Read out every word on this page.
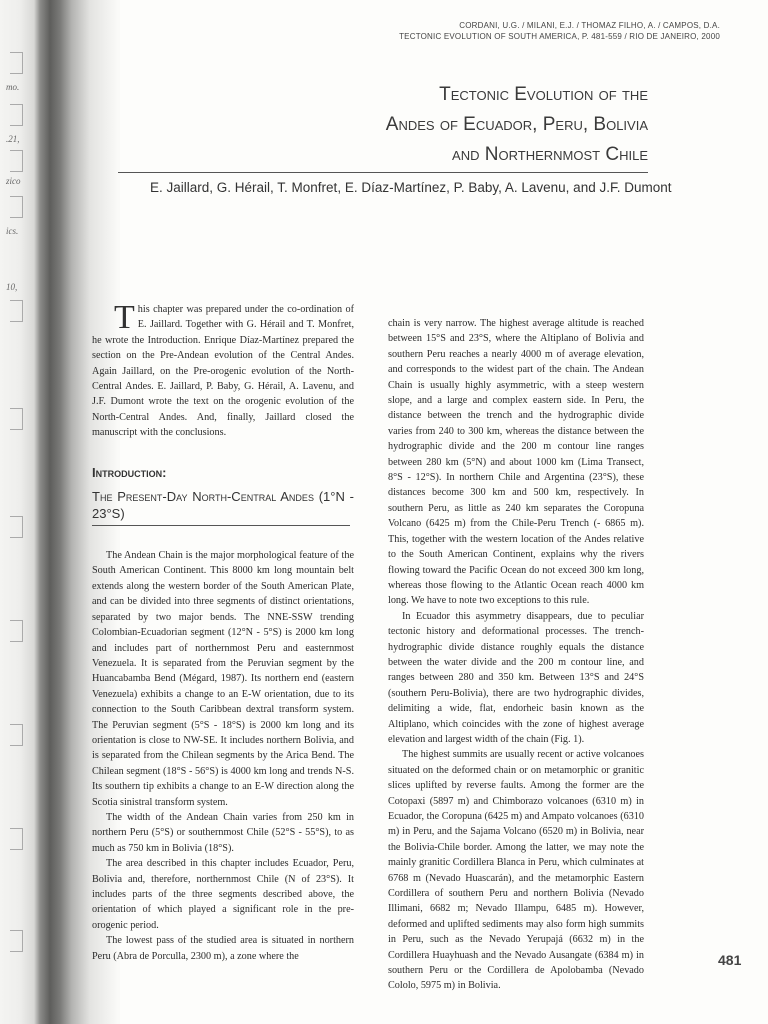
mo.
.21,
zico
ics.
10,
CORDANI, U.G. / MILANI, E.J. / THOMAZ FILHO, A. / CAMPOS, D.A.
TECTONIC EVOLUTION OF SOUTH AMERICA, P. 481-559 / RIO DE JANEIRO, 2000
Tectonic Evolution of the
Andes of Ecuador, Peru, Bolivia
and Northernmost Chile
E. Jaillard, G. Hérail, T. Monfret, E. Díaz-Martínez, P. Baby, A. Lavenu, and J.F. Dumont

This chapter was prepared under the co-ordination of E. Jaillard. Together with G. Hérail and T. Monfret, he wrote the Introduction. Enrique Díaz-Martínez prepared the section on the Pre-Andean evolution of the Central Andes. Again Jaillard, on the Pre-orogenic evolution of the North-Central Andes. E. Jaillard, P. Baby, G. Hérail, A. Lavenu, and J.F. Dumont wrote the text on the orogenic evolution of the North-Central Andes. And, finally, Jaillard closed the manuscript with the conclusions.

Introduction:
The Present-Day North-Central Andes (1°N - 23°S)

The Andean Chain is the major morphological feature of the South American Continent. This 8000 km long mountain belt extends along the western border of the South American Plate, and can be divided into three segments of distinct orientations, separated by two major bends. The NNE-SSW trending Colombian-Ecuadorian segment (12°N - 5°S) is 2000 km long and includes part of northernmost Peru and easternmost Venezuela. It is separated from the Peruvian segment by the Huancabamba Bend (Mégard, 1987). Its northern end (eastern Venezuela) exhibits a change to an E-W orientation, due to its connection to the South Caribbean dextral transform system. The Peruvian segment (5°S - 18°S) is 2000 km long and its orientation is close to NW-SE. It includes northern Bolivia, and is separated from the Chilean segments by the Arica Bend. The Chilean segment (18°S - 56°S) is 4000 km long and trends N-S. Its southern tip exhibits a change to an E-W direction along the Scotia sinistral transform system.

The width of the Andean Chain varies from 250 km in northern Peru (5°S) or southernmost Chile (52°S - 55°S), to as much as 750 km in Bolivia (18°S).

The area described in this chapter includes Ecuador, Peru, Bolivia and, therefore, northernmost Chile (N of 23°S). It includes parts of the three segments described above, the orientation of which played a significant role in the pre-orogenic period.

The lowest pass of the studied area is situated in northern Peru (Abra de Porculla, 2300 m), a zone where the

chain is very narrow. The highest average altitude is reached between 15°S and 23°S, where the Altiplano of Bolivia and southern Peru reaches a nearly 4000 m of average elevation, and corresponds to the widest part of the chain. The Andean Chain is usually highly asymmetric, with a steep western slope, and a large and complex eastern side. In Peru, the distance between the trench and the hydrographic divide varies from 240 to 300 km, whereas the distance between the hydrographic divide and the 200 m contour line ranges between 280 km (5°N) and about 1000 km (Lima Transect, 8°S - 12°S). In northern Chile and Argentina (23°S), these distances become 300 km and 500 km, respectively. In southern Peru, as little as 240 km separates the Coropuna Volcano (6425 m) from the Chile-Peru Trench (- 6865 m). This, together with the western location of the Andes relative to the South American Continent, explains why the rivers flowing toward the Pacific Ocean do not exceed 300 km long, whereas those flowing to the Atlantic Ocean reach 4000 km long. We have to note two exceptions to this rule.

In Ecuador this asymmetry disappears, due to peculiar tectonic history and deformational processes. The trench-hydrographic divide distance roughly equals the distance between the water divide and the 200 m contour line, and ranges between 280 and 350 km. Between 13°S and 24°S (southern Peru-Bolivia), there are two hydrographic divides, delimiting a wide, flat, endorheic basin known as the Altiplano, which coincides with the zone of highest average elevation and largest width of the chain (Fig. 1).

The highest summits are usually recent or active volcanoes situated on the deformed chain or on metamorphic or granitic slices uplifted by reverse faults. Among the former are the Cotopaxi (5897 m) and Chimborazo volcanoes (6310 m) in Ecuador, the Coropuna (6425 m) and Ampato volcanoes (6310 m) in Peru, and the Sajama Volcano (6520 m) in Bolivia, near the Bolivia-Chile border. Among the latter, we may note the mainly granitic Cordillera Blanca in Peru, which culminates at 6768 m (Nevado Huascarán), and the metamorphic Eastern Cordillera of southern Peru and northern Bolivia (Nevado Illimani, 6682 m; Nevado Illampu, 6485 m). However, deformed and uplifted sediments may also form high summits in Peru, such as the Nevado Yerupajá (6632 m) in the Cordillera Huayhuash and the Nevado Ausangate (6384 m) in southern Peru or the Cordillera de Apolobamba (Nevado Cololo, 5975 m) in Bolivia.

481
